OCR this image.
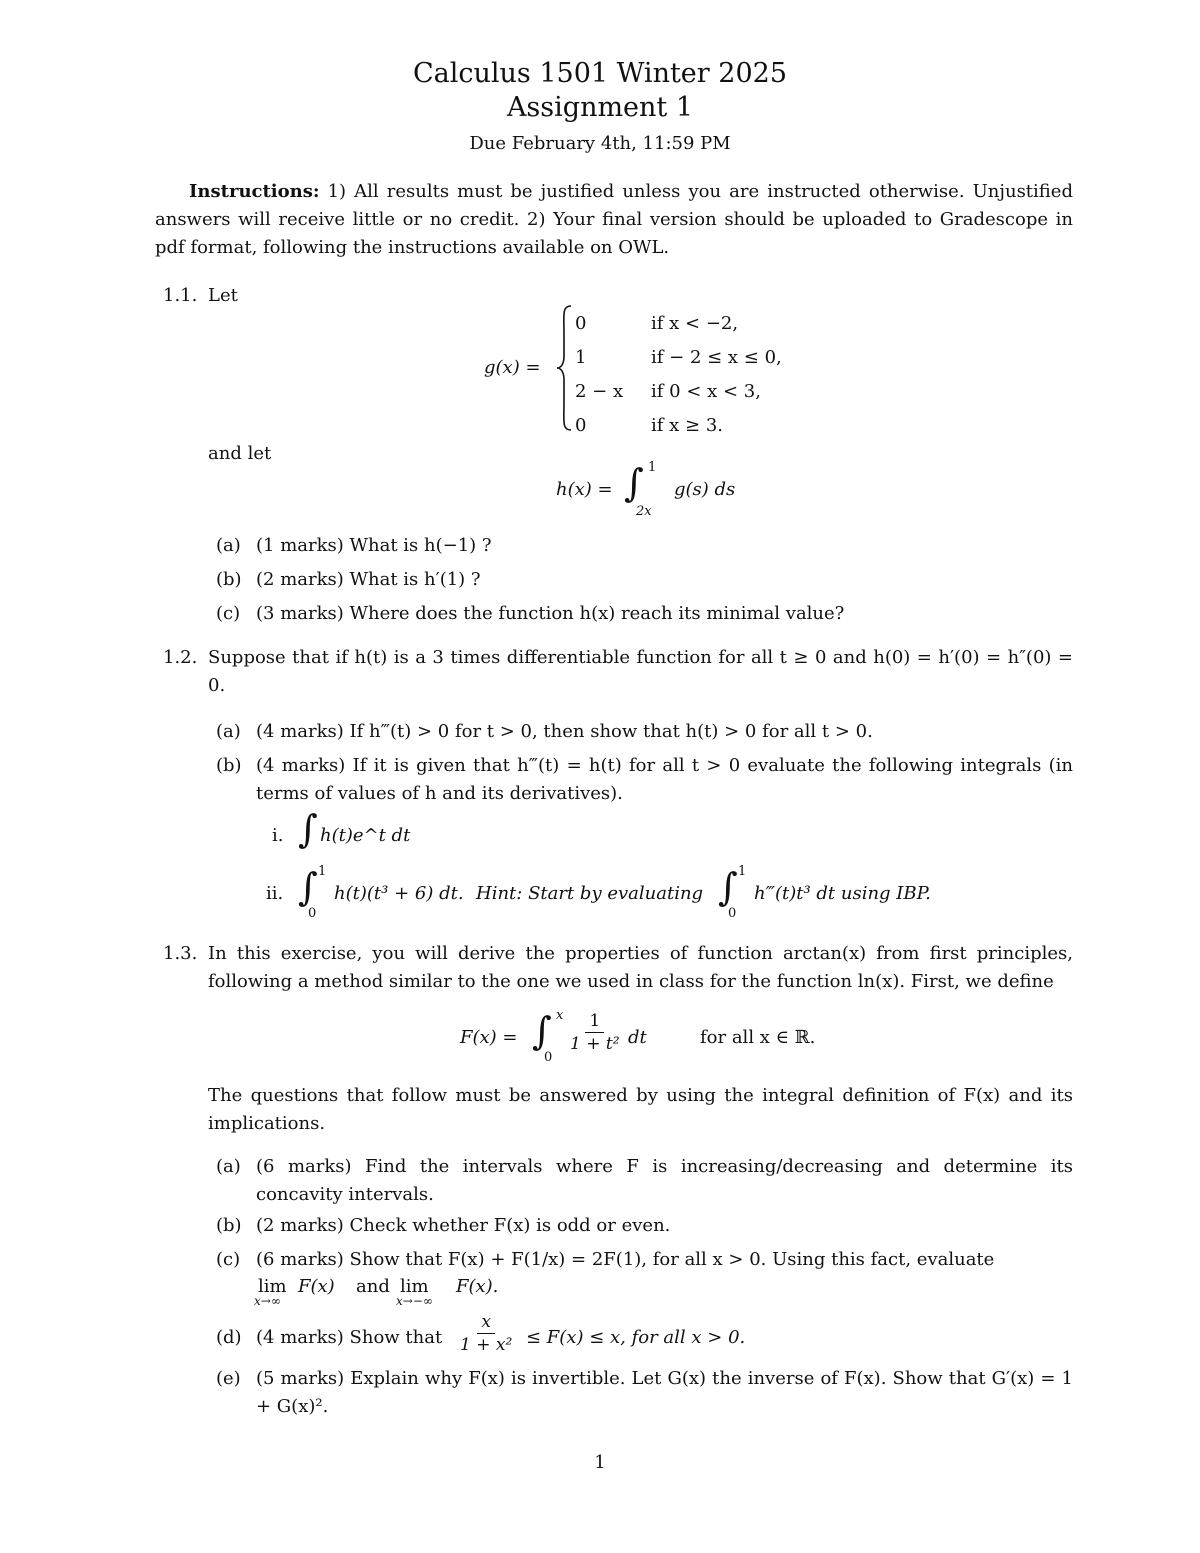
Calculus 1501 Winter 2025
Assignment 1
Due February 4th, 11:59 PM
Instructions: 1) All results must be justified unless you are instructed otherwise. Unjustified answers will receive little or no credit. 2) Your final version should be uploaded to Gradescope in pdf format, following the instructions available on OWL.
1.1. Let
g(x) =
0	if x < −2,
1	if − 2 ≤ x ≤ 0,
2 − x	if 0 < x < 3,
0	if x ≥ 3.
and let
h(x) = ∫ 1
2x
g(s) ds
(a) (1 marks) What is h(−1) ?
(b) (2 marks) What is h′(1) ?
(c) (3 marks) Where does the function h(x) reach its minimal value?
1.2. Suppose that if h(t) is a 3 times differentiable function for all t ≥ 0 and h(0) = h′(0) = h″(0) = 0.
(a) (4 marks) If h‴(t) > 0 for t > 0, then show that h(t) > 0 for all t > 0.
(b) (4 marks) If it is given that h‴(t) = h(t) for all t > 0 evaluate the following integrals (in terms of values of h and its derivatives).
i. ∫ h(t)e^t dt
ii. ∫ 1
0
h(t)(t³ + 6) dt. Hint: Start by evaluating ∫ 1
0
h‴(t)t³ dt using IBP.
1.3. In this exercise, you will derive the properties of function arctan(x) from first principles, following a method similar to the one we used in class for the function ln(x). First, we define
F(x) = ∫ x
0
$\frac{1}{\text{1 + t²}}$ dt	for all x ∈ ℝ.
The questions that follow must be answered by using the integral definition of F(x) and its implications.
(a) (6 marks) Find the intervals where F is increasing/decreasing and determine its concavity intervals.
(b) (2 marks) Check whether F(x) is odd or even.
(c) (6 marks) Show that F(x) + F(1/x) = 2F(1), for all x > 0. Using this fact, evaluate
lim
x→∞
F(x) and lim
x→−∞
F(x).
(d) (4 marks) Show that $\frac{x}{\text{1 + x²}} \le F(x) \le x$, for all x > 0.
(e) (5 marks) Explain why F(x) is invertible. Let G(x) the inverse of F(x). Show that G′(x) = 1 + G(x)².
1
